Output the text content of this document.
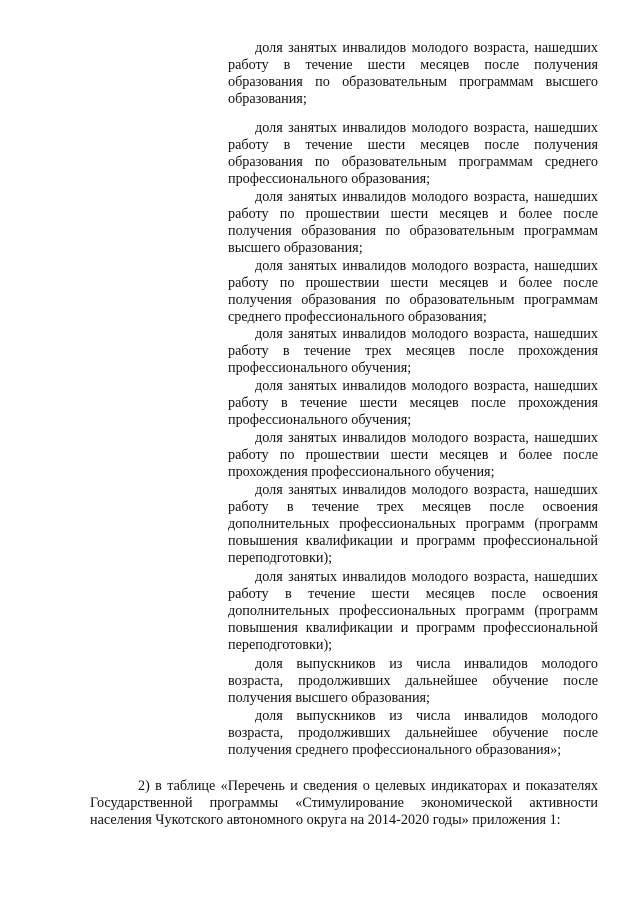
доля занятых инвалидов молодого возраста, нашедших работу в течение шести месяцев после получения образования по образовательным программам высшего образования;

доля занятых инвалидов молодого возраста, нашедших работу в течение шести месяцев после получения образования по образовательным программам среднего профессионального образования;

доля занятых инвалидов молодого возраста, нашедших работу по прошествии шести месяцев и более после получения образования по образовательным программам высшего образования;

доля занятых инвалидов молодого возраста, нашедших работу по прошествии шести месяцев и более после получения образования по образовательным программам среднего профессионального образования;

доля занятых инвалидов молодого возраста, нашедших работу в течение трех месяцев после прохождения профессионального обучения;

доля занятых инвалидов молодого возраста, нашедших работу в течение шести месяцев после прохождения профессионального обучения;

доля занятых инвалидов молодого возраста, нашедших работу по прошествии шести месяцев и более после прохождения профессионального обучения;

доля занятых инвалидов молодого возраста, нашедших работу в течение трех месяцев после освоения дополнительных профессиональных программ (программ повышения квалификации и программ профессиональной переподготовки);

доля занятых инвалидов молодого возраста, нашедших работу в течение шести месяцев после освоения дополнительных профессиональных программ (программ повышения квалификации и программ профессиональной переподготовки);

доля выпускников из числа инвалидов молодого возраста, продолживших дальнейшее обучение после получения высшего образования;

доля выпускников из числа инвалидов молодого возраста, продолживших дальнейшее обучение после получения среднего профессионального образования»;

2) в таблице «Перечень и сведения о целевых индикаторах и показателях Государственной программы «Стимулирование экономической активности населения Чукотского автономного округа на 2014-2020 годы» приложения 1:
